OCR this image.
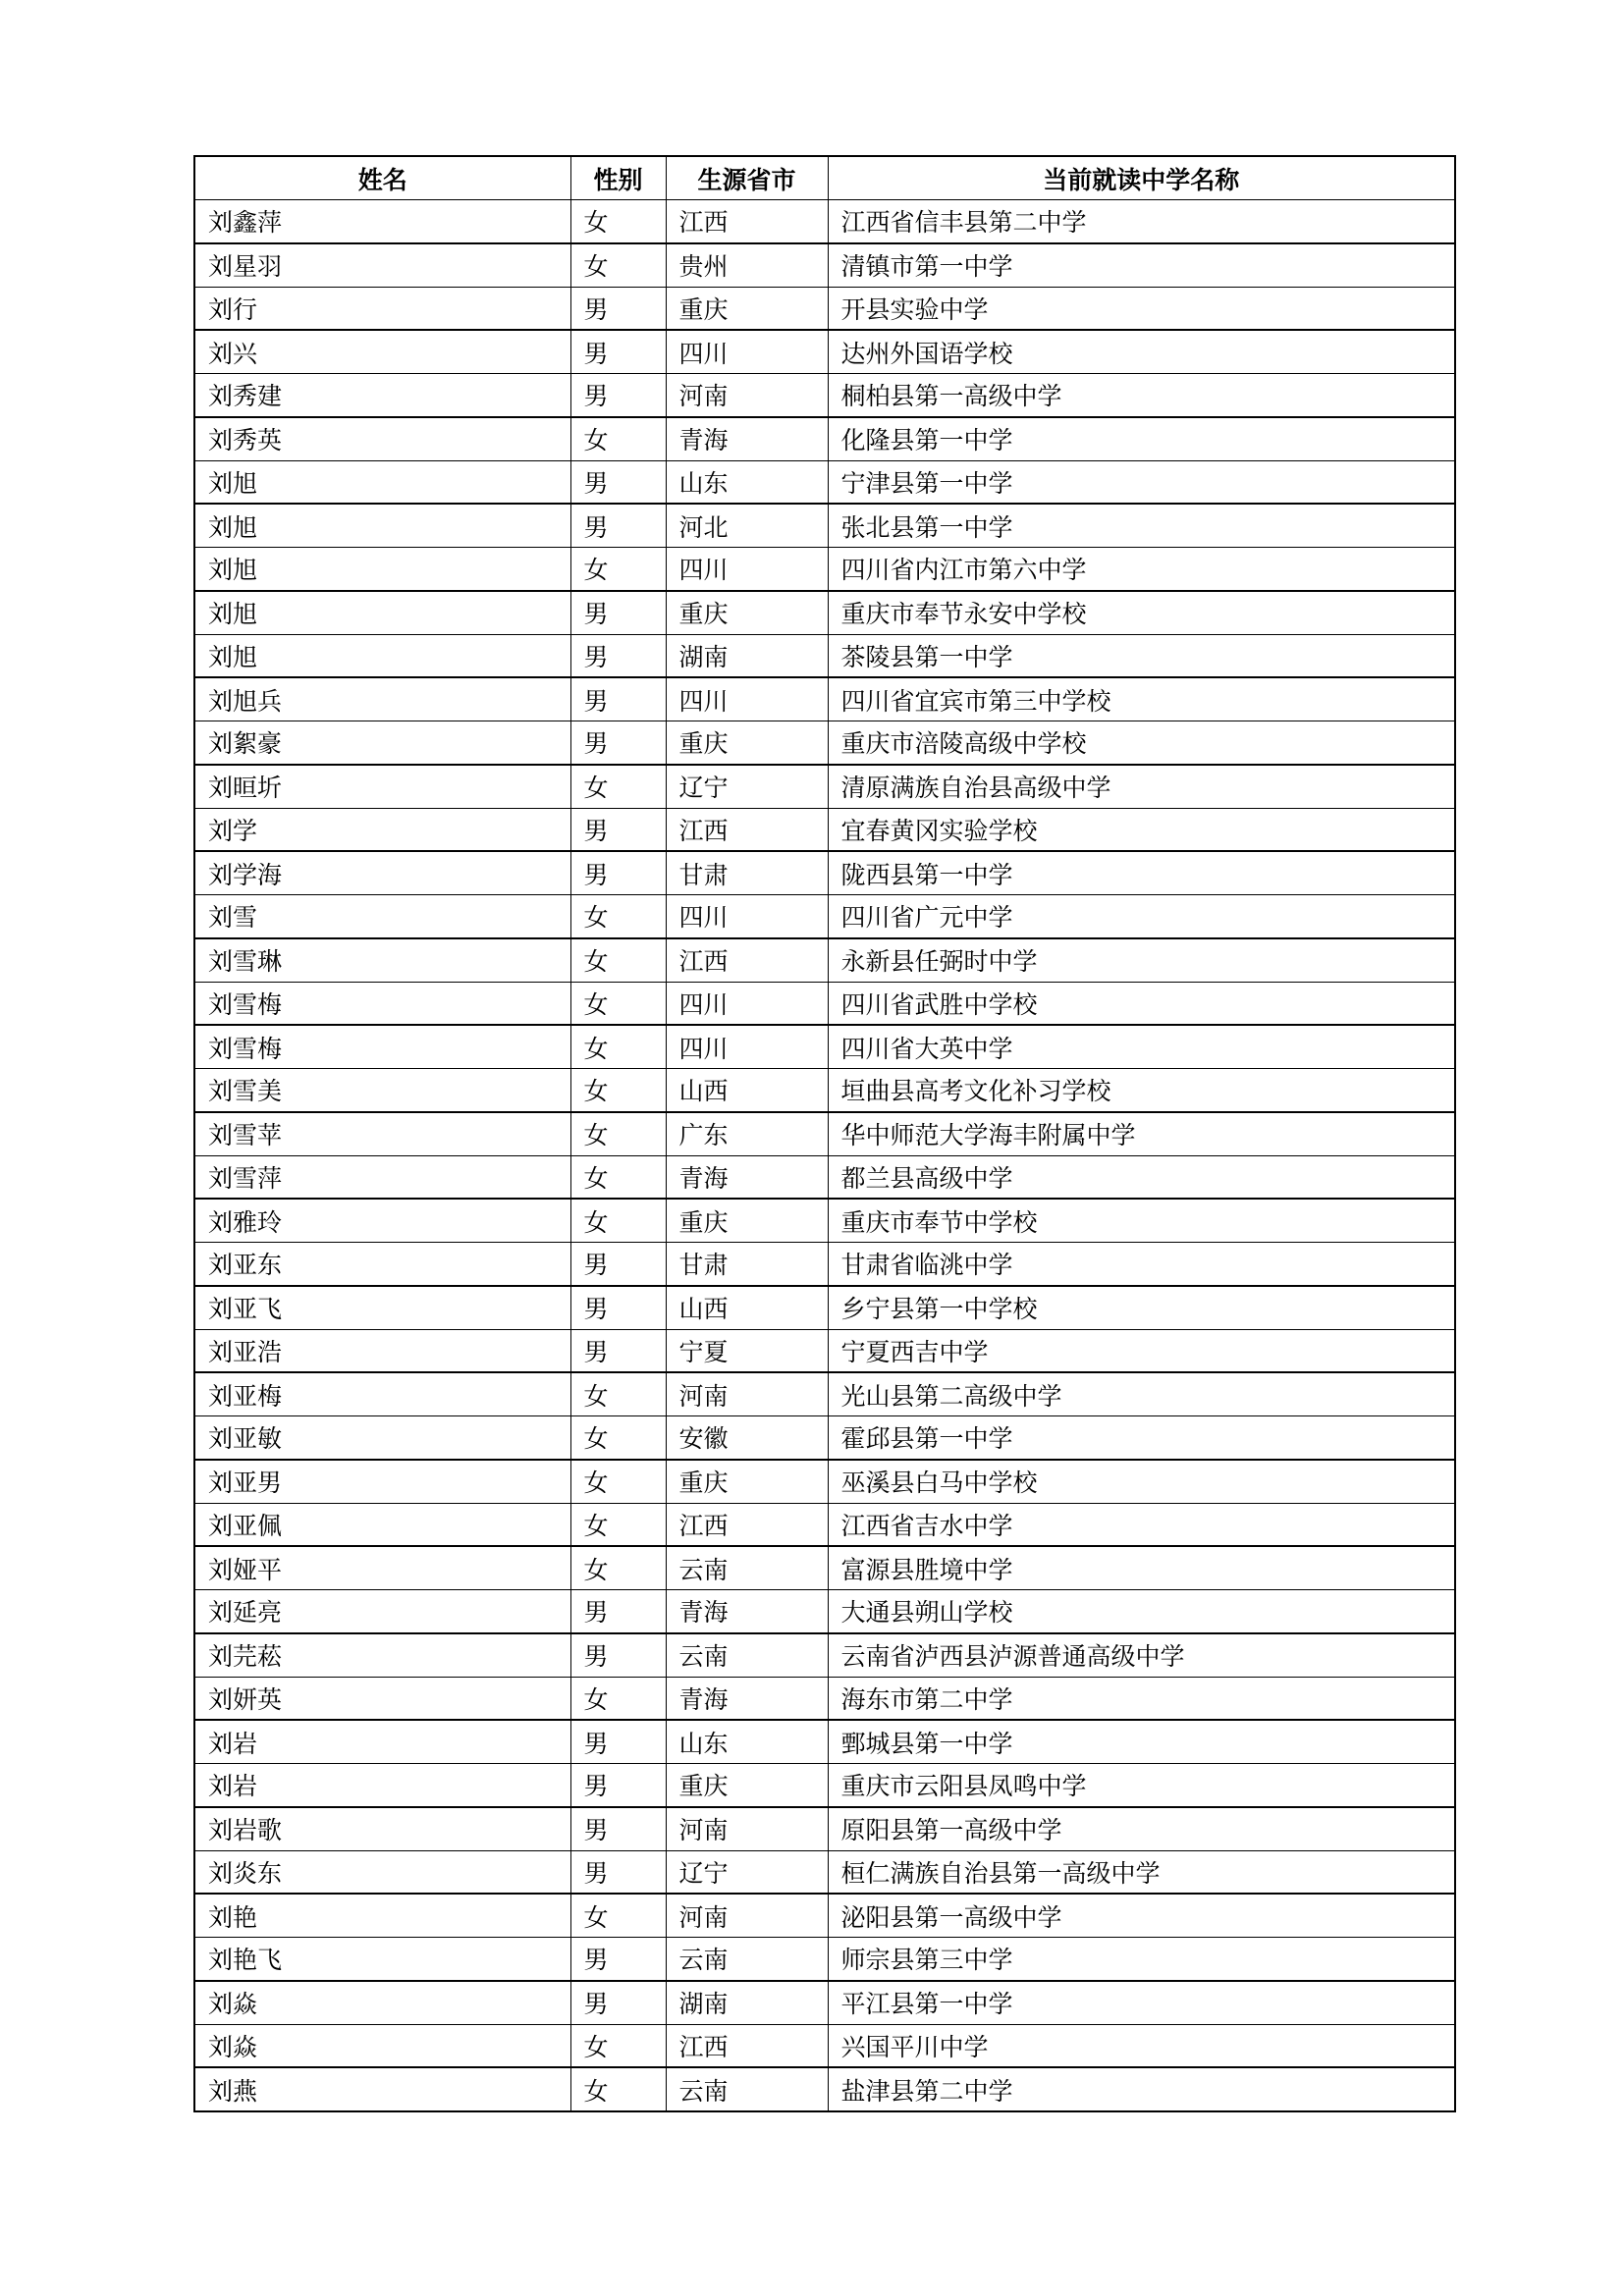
姓名	性别	生源省市	当前就读中学名称
刘鑫萍	女	江西	江西省信丰县第二中学
刘星羽	女	贵州	清镇市第一中学
刘行	男	重庆	开县实验中学
刘兴	男	四川	达州外国语学校
刘秀建	男	河南	桐柏县第一高级中学
刘秀英	女	青海	化隆县第一中学
刘旭	男	山东	宁津县第一中学
刘旭	男	河北	张北县第一中学
刘旭	女	四川	四川省内江市第六中学
刘旭	男	重庆	重庆市奉节永安中学校
刘旭	男	湖南	茶陵县第一中学
刘旭兵	男	四川	四川省宜宾市第三中学校
刘絮豪	男	重庆	重庆市涪陵高级中学校
刘晅圻	女	辽宁	清原满族自治县高级中学
刘学	男	江西	宜春黄冈实验学校
刘学海	男	甘肃	陇西县第一中学
刘雪	女	四川	四川省广元中学
刘雪琳	女	江西	永新县任弼时中学
刘雪梅	女	四川	四川省武胜中学校
刘雪梅	女	四川	四川省大英中学
刘雪美	女	山西	垣曲县高考文化补习学校
刘雪苹	女	广东	华中师范大学海丰附属中学
刘雪萍	女	青海	都兰县高级中学
刘雅玲	女	重庆	重庆市奉节中学校
刘亚东	男	甘肃	甘肃省临洮中学
刘亚飞	男	山西	乡宁县第一中学校
刘亚浩	男	宁夏	宁夏西吉中学
刘亚梅	女	河南	光山县第二高级中学
刘亚敏	女	安徽	霍邱县第一中学
刘亚男	女	重庆	巫溪县白马中学校
刘亚佩	女	江西	江西省吉水中学
刘娅平	女	云南	富源县胜境中学
刘延亮	男	青海	大通县朔山学校
刘芫菘	男	云南	云南省泸西县泸源普通高级中学
刘妍英	女	青海	海东市第二中学
刘岩	男	山东	鄄城县第一中学
刘岩	男	重庆	重庆市云阳县凤鸣中学
刘岩歌	男	河南	原阳县第一高级中学
刘炎东	男	辽宁	桓仁满族自治县第一高级中学
刘艳	女	河南	泌阳县第一高级中学
刘艳飞	男	云南	师宗县第三中学
刘焱	男	湖南	平江县第一中学
刘焱	女	江西	兴国平川中学
刘燕	女	云南	盐津县第二中学
